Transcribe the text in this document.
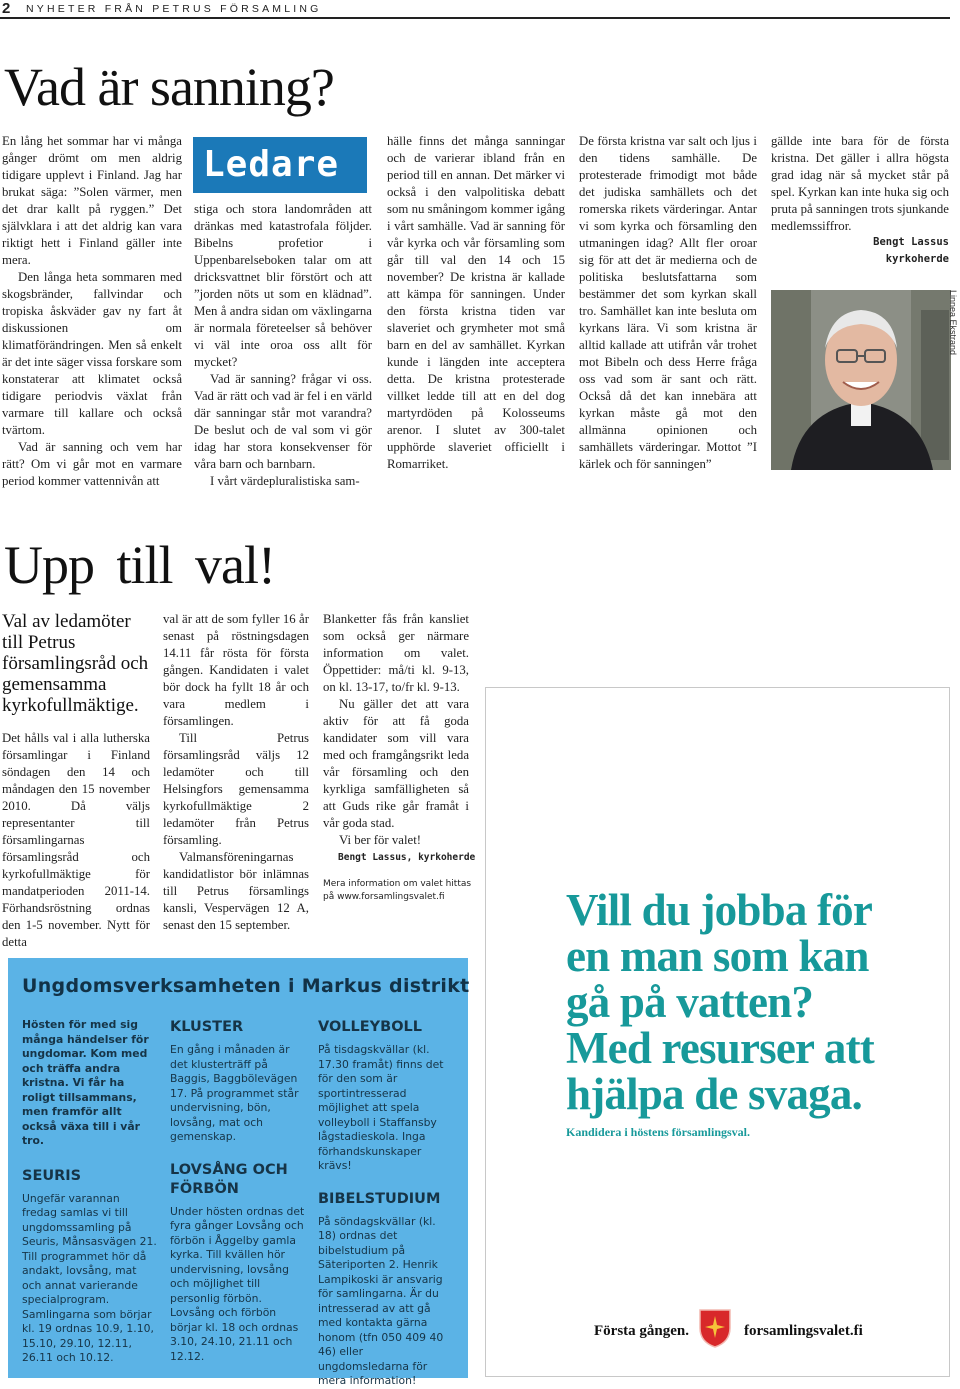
2 NYHETER FRÅN PETRUS FÖRSAMLING
Vad är sanning?

En lång het sommar har vi många gånger drömt om men aldrig tidigare upplevt i Finland. Jag har brukat säga: ”Solen värmer, men det drar kallt på ryggen.” Det självklara i att det aldrig kan vara riktigt hett i Finland gäller inte mera.

Den långa heta sommaren med skogsbränder, fallvindar och tropiska åskväder gav ny fart åt diskussionen om klimatförändringen. Men så enkelt är det inte säger vissa forskare som konstaterar att klimatet också tidigare periodvis växlat från varmare till kallare och också tvärtom.

Vad är sanning och vem har rätt? Om vi går mot en varmare period kommer vattennivån att

Ledare

stiga och stora landområden att dränkas med katastrofala följder. Bibelns profetior i Uppenbarelseboken talar om att dricksvattnet blir förstört och att ”jorden nöts ut som en klädnad”. Men å andra sidan om växlingarna är normala företeelser så behöver vi väl inte oroa oss allt för mycket?

Vad är sanning? frågar vi oss. Vad är rätt och vad är fel i en värld där sanningar står mot varandra? De beslut och de val som vi gör idag har stora konsekvenser för våra barn och barnbarn.

I vårt värdepluralistiska sam-

hälle finns det många sanningar och de varierar ibland från en period till en annan. Det märker vi också i den valpolitiska debatt som nu småningom kommer igång i vårt samhälle. Vad är sanning för vår kyrka och vår församling som går till val den 14 och 15 november? De kristna är kallade att kämpa för sanningen. Under den första kristna tiden var slaveriet och grymheter mot små barn en del av samhället. Kyrkan kunde i längden inte acceptera detta. De kristna protesterade villket ledde till att en del dog martyrdöden på Kolosseums arenor. I slutet av 300-talet upphörde slaveriet officiellt i Romarriket.

De första kristna var salt och ljus i den tidens samhälle. De protesterade frimodigt mot både det judiska samhällets och det romerska rikets värderingar. Antar vi som kyrka och församling den utmaningen idag? Allt fler oroar sig för att det är medierna och de politiska beslutsfattarna som bestämmer det som kyrkan skall tro. Samhället kan inte besluta om kyrkans lära. Vi som kristna är alltid kallade att utifrån vår trohet mot Bibeln och dess Herre fråga oss vad som är sant och rätt. Också då det kan innebära att kyrkan måste gå mot den allmänna opinionen och samhällets värderingar. Mottot ”I kärlek och för sanningen”

gällde inte bara för de första kristna. Det gäller i allra högsta grad idag när så mycket står på spel. Kyrkan kan inte huka sig och pruta på sanningen trots sjunkande medlemssiffror.

Bengt Lassus
kyrkoherde
Linnea Ekstrand
Upp till val!
Val av ledamöter till Petrus församlingsråd och gemensamma kyrkofullmäktige.

Det hålls val i alla lutherska församlingar i Finland söndagen den 14 och måndagen den 15 november 2010. Då väljs representanter till församlingarnas församlingsråd och kyrkofullmäktige för mandatperioden 2011-14. Förhandsröstning ordnas den 1-5 november. Nytt för detta

val är att de som fyller 16 år senast på röstningsdagen 14.11 får rösta för första gången. Kandidaten i valet bör dock ha fyllt 18 år och vara medlem i församlingen.

Till Petrus församlingsråd väljs 12 ledamöter och till Helsingfors gemensamma kyrkofullmäktige 2 ledamöter från Petrus församling.

Valmansföreningarnas kandidatlistor bör inlämnas till Petrus församlings kansli, Vespervägen 12 A, senast den 15 september.

Blanketter fås från kansliet som också ger närmare information om valet. Öppettider: må/ti kl. 9-13, on kl. 13-17, to/fr kl. 9-13.

Nu gäller det att vara aktiv för att få goda kandidater som vill vara med och framgångsrikt leda vår församling och den kyrkliga samfälligheten så att Guds rike går framåt i vår goda stad.

Vi ber för valet!

Bengt Lassus, kyrkoherde
Mera information om valet hittas på www.forsamlingsvalet.fi
Ungdomsverksamheten i Markus distrikt
Hösten för med sig många händelser för ungdomar. Kom med och träffa andra kristna. Vi får ha roligt tillsammans, men framför allt också växa till i vår tro.
SEURIS
Ungefär varannan fredag samlas vi till ungdomssamling på Seuris, Månsasvägen 21. Till programmet hör då andakt, lovsång, mat och annat varierande specialprogram. Samlingarna som börjar kl. 19 ordnas 10.9, 1.10, 15.10, 29.10, 12.11, 26.11 och 10.12.
KLUSTER
En gång i månaden är det klusterträff på Baggis, Baggbölevägen 17. På programmet står undervisning, bön, lovsång, mat och gemenskap.
LOVSÅNG OCH FÖRBÖN
Under hösten ordnas det fyra gånger Lovsång och förbön i Åggelby gamla kyrka. Till kvällen hör undervisning, lovsång och möjlighet till personlig förbön. Lovsång och förbön börjar kl. 18 och ordnas 3.10, 24.10, 21.11 och 12.12.
VOLLEYBOLL
På tisdagskvällar (kl. 17.30 framåt) finns det för den som är sportintresserad möjlighet att spela volleyboll i Staffansby lågstadieskola. Inga förhandskunskaper krävs!
BIBELSTUDIUM
På söndagskvällar (kl. 18) ordnas det bibelstudium på Säteriporten 2. Henrik Lampikoski är ansvarig för samlingarna. Är du intresserad av att gå med kontakta gärna honom (tfn 050 409 40 46) eller ungdomsledarna för mera information!
Vill du jobba för en man som kan gå på vatten? Med resurser att hjälpa de svaga.
Kandidera i höstens församlingsval.
Första gången.	forsamlingsvalet.fi
